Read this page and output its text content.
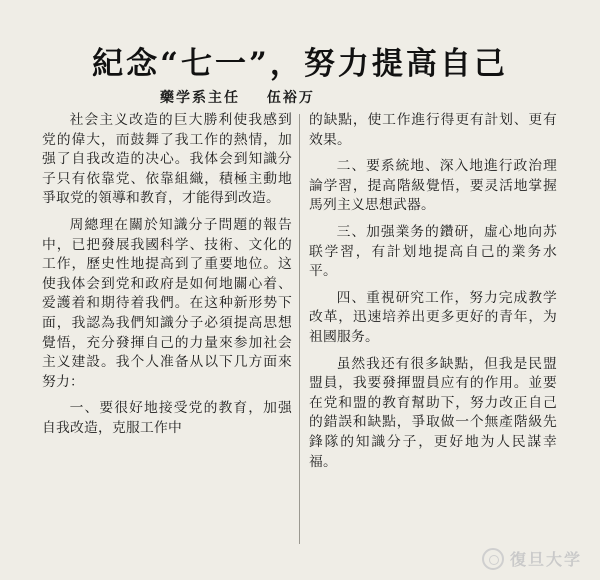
紀念“七一”，努力提高自己
藥学系主任 伍裕万

社会主义改造的巨大勝利使我感到党的偉大，而鼓舞了我工作的熱情，加强了自我改造的决心。我体会到知識分子只有依靠党、依靠組織，積極主動地爭取党的領導和教育，才能得到改造。

周總理在關於知識分子問題的報告中，已把發展我國科学、技術、文化的工作，歷史性地提高到了重要地位。这使我体会到党和政府是如何地關心着、爱護着和期待着我們。在这种新形势下面，我認為我們知識分子必須提高思想覺悟，充分發揮自己的力量來参加社会主义建設。我个人准备从以下几方面來努力：

一、要很好地接受党的教育，加强自我改造，克服工作中

的缺點，使工作進行得更有計划、更有效果。

二、要系統地、深入地進行政治理論学習，提高階級覺悟，要灵活地掌握馬列主义思想武器。

三、加强業务的鑽研，虛心地向苏联学習，有計划地提高自己的業务水平。

四、重視研究工作，努力完成教学改革，迅速培养出更多更好的青年，为祖國服务。

虽然我还有很多缺點，但我是民盟盟員，我要發揮盟員应有的作用。並要在党和盟的教育幫助下，努力改正自己的錯誤和缺點，爭取做一个無產階級先鋒隊的知識分子，更好地为人民謀幸福。

復旦大学
